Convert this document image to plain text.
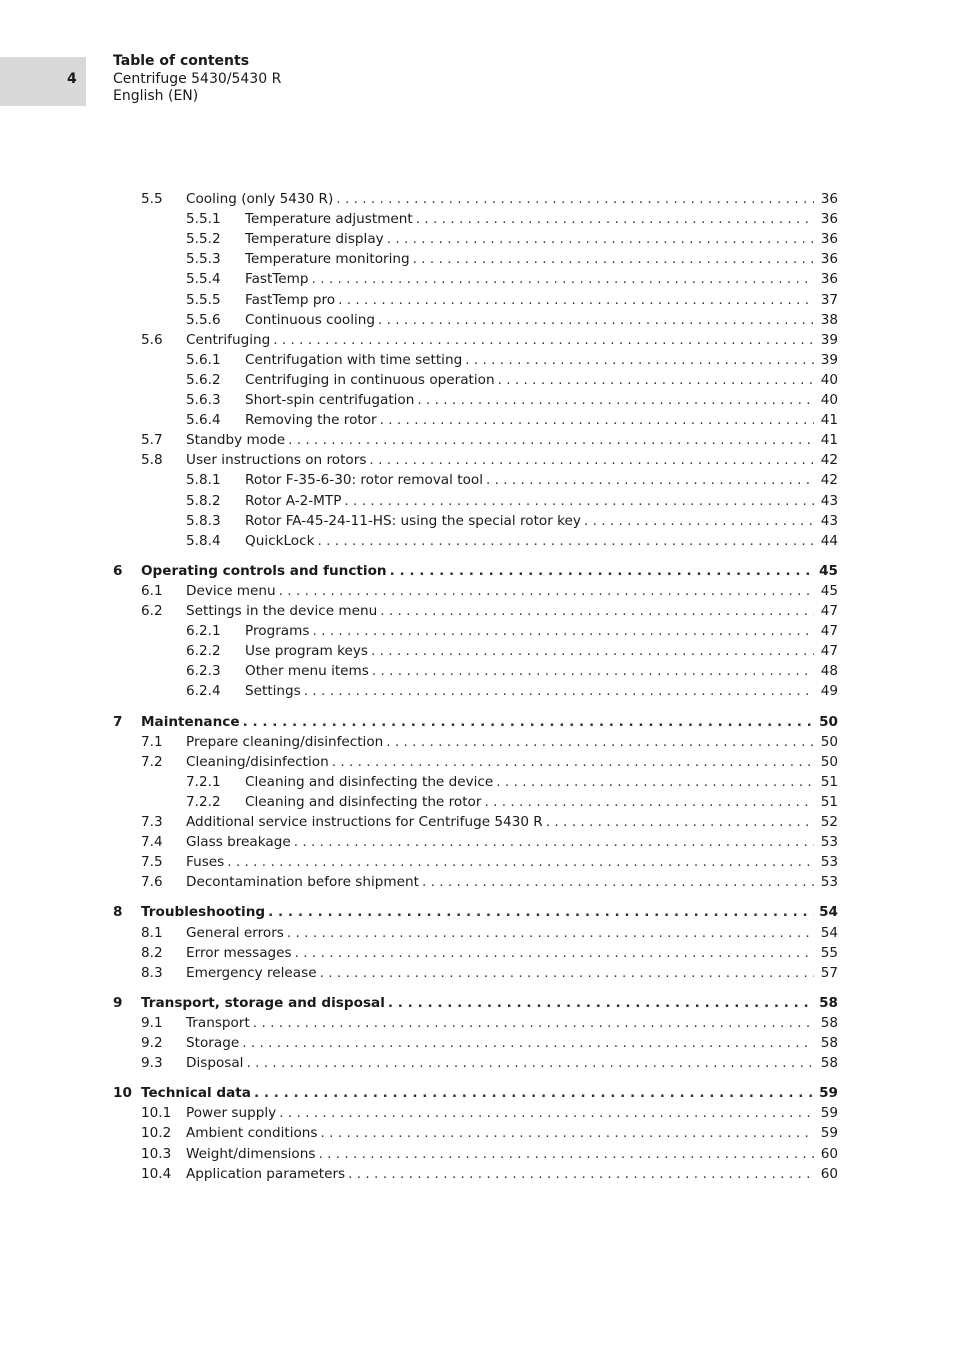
4
Table of contents
Centrifuge 5430/5430 R
English (EN)
5.5 Cooling (only 5430 R) . . .	36
5.5.1 Temperature adjustment . . .	36
5.5.2 Temperature display . . .	36
5.5.3 Temperature monitoring . . .	36
5.5.4 FastTemp . . .	36
5.5.5 FastTemp pro . . .	37
5.5.6 Continuous cooling . . .	38
5.6 Centrifuging . . .	39
5.6.1 Centrifugation with time setting . . .	39
5.6.2 Centrifuging in continuous operation . . .	40
5.6.3 Short-spin centrifugation . . .	40
5.6.4 Removing the rotor . . .	41
5.7 Standby mode . . .	41
5.8 User instructions on rotors . . .	42
5.8.1 Rotor F-35-6-30: rotor removal tool . . .	42
5.8.2 Rotor A-2-MTP . . .	43
5.8.3 Rotor FA-45-24-11-HS: using the special rotor key . . .	43
5.8.4 QuickLock . . .	44
6 Operating controls and function . . .	45
6.1 Device menu . . .	45
6.2 Settings in the device menu . . .	47
6.2.1 Programs . . .	47
6.2.2 Use program keys . . .	47
6.2.3 Other menu items . . .	48
6.2.4 Settings . . .	49
7 Maintenance . . .	50
7.1 Prepare cleaning/disinfection . . .	50
7.2 Cleaning/disinfection . . .	50
7.2.1 Cleaning and disinfecting the device . . .	51
7.2.2 Cleaning and disinfecting the rotor . . .	51
7.3 Additional service instructions for Centrifuge 5430 R . . .	52
7.4 Glass breakage . . .	53
7.5 Fuses . . .	53
7.6 Decontamination before shipment . . .	53
8 Troubleshooting . . .	54
8.1 General errors . . .	54
8.2 Error messages . . .	55
8.3 Emergency release . . .	57
9 Transport, storage and disposal . . .	58
9.1 Transport . . .	58
9.2 Storage . . .	58
9.3 Disposal . . .	58
10 Technical data . . .	59
10.1 Power supply . . .	59
10.2 Ambient conditions . . .	59
10.3 Weight/dimensions . . .	60
10.4 Application parameters . . .	60
